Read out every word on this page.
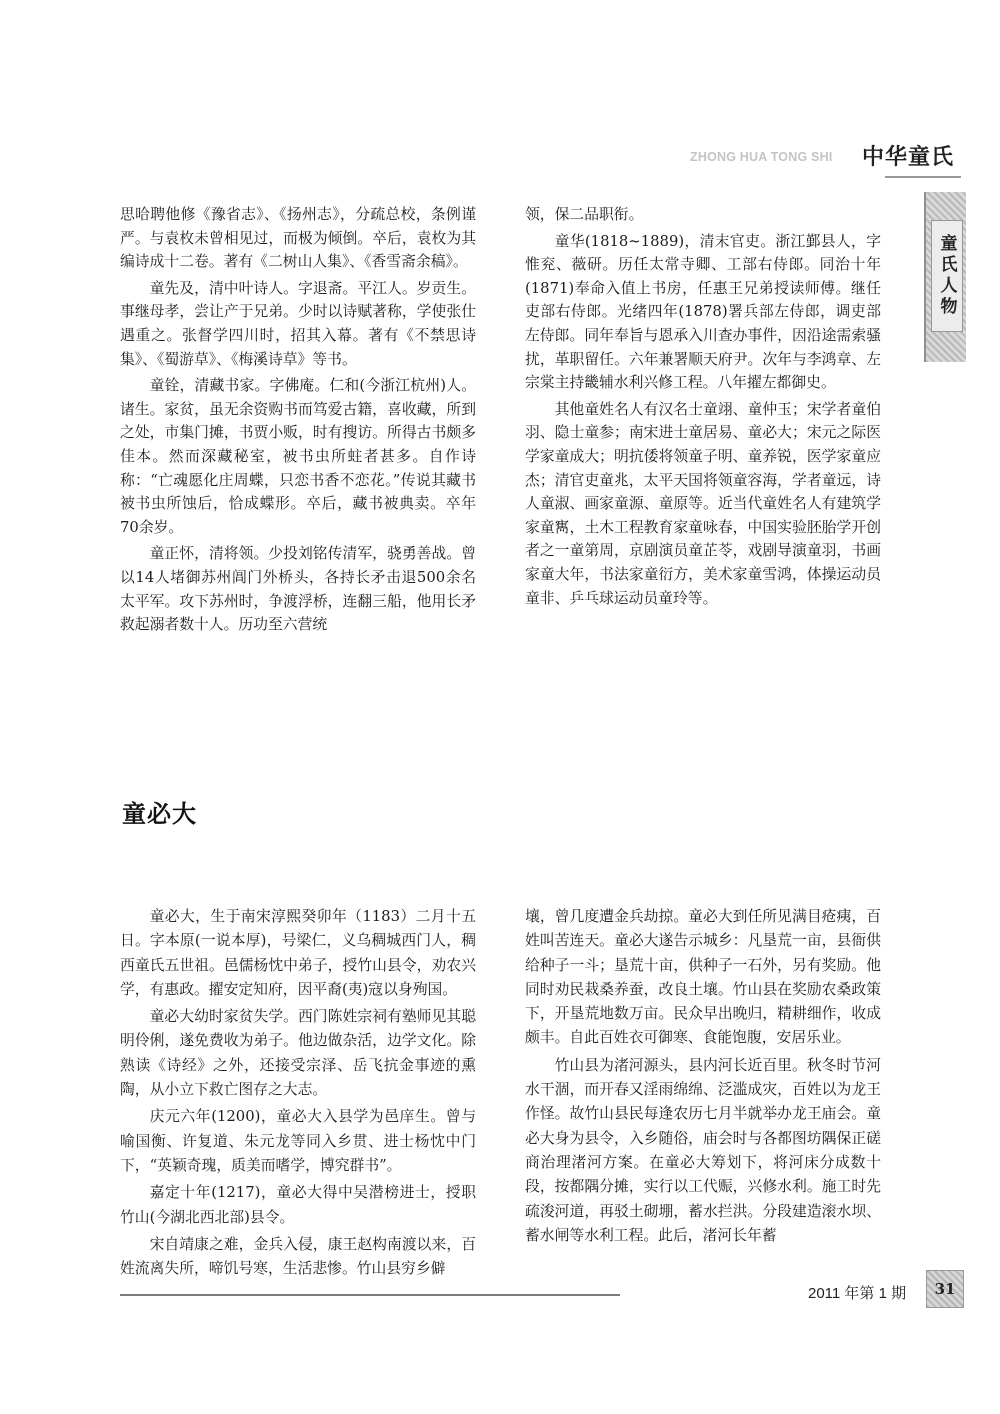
ZHONG HUA TONG SHI	中华童氏
童氏人物

思哈聘他修《豫省志》、《扬州志》，分疏总校，条例谨严。与袁枚未曾相见过，而极为倾倒。卒后，袁枚为其编诗成十二卷。著有《二树山人集》、《香雪斋余稿》。

童先及，清中叶诗人。字退斋。平江人。岁贡生。事继母孝，尝让产于兄弟。少时以诗赋著称，学使张仕遇重之。张督学四川时，招其入幕。著有《不禁思诗集》、《蜀游草》、《梅溪诗草》等书。

童铨，清藏书家。字佛庵。仁和(今浙江杭州)人。诸生。家贫，虽无余资购书而笃爱古籍，喜收藏，所到之处，市集门摊，书贾小贩，时有搜访。所得古书颇多佳本。然而深藏秘室，被书虫所蛀者甚多。自作诗称：“亡魂愿化庄周蝶，只恋书香不恋花。”传说其藏书被书虫所蚀后，恰成蝶形。卒后，藏书被典卖。卒年70余岁。

童正怀，清将领。少投刘铭传清军，骁勇善战。曾以14人堵御苏州阊门外桥头，各持长矛击退500余名太平军。攻下苏州时，争渡浮桥，连翻三船，他用长矛救起溺者数十人。历功至六营统

领，保二品职衔。

童华(1818~1889)，清末官吏。浙江鄞县人，字惟兖、薇研。历任太常寺卿、工部右侍郎。同治十年(1871)奉命入值上书房，任惠王兄弟授读师傅。继任吏部右侍郎。光绪四年(1878)署兵部左侍郎，调吏部左侍郎。同年奉旨与恩承入川查办事件，因沿途需索骚扰，革职留任。六年兼署顺天府尹。次年与李鸿章、左宗棠主持畿辅水利兴修工程。八年擢左都御史。

其他童姓名人有汉名士童翊、童仲玉；宋学者童伯羽、隐士童参；南宋进士童居易、童必大；宋元之际医学家童成大；明抗倭将领童子明、童养锐，医学家童应杰；清官吏童兆，太平天国将领童容海，学者童远，诗人童淑、画家童源、童原等。近当代童姓名人有建筑学家童寯，土木工程教育家童咏春，中国实验胚胎学开创者之一童第周，京剧演员童芷苓，戏剧导演童羽，书画家童大年，书法家童衍方，美术家童雪鸿，体操运动员童非、乒乓球运动员童玲等。

童必大

童必大，生于南宋淳熙癸卯年（1183）二月十五日。字本原(一说本厚)，号梁仁，义乌稠城西门人，稠西童氏五世祖。邑儒杨忱中弟子，授竹山县令，劝农兴学，有惠政。擢安定知府，因平裔(夷)寇以身殉国。

童必大幼时家贫失学。西门陈姓宗祠有塾师见其聪明伶俐，遂免费收为弟子。他边做杂活，边学文化。除熟读《诗经》之外，还接受宗泽、岳飞抗金事迹的熏陶，从小立下救亡图存之大志。

庆元六年(1200)，童必大入县学为邑庠生。曾与喻国衡、许复道、朱元龙等同入乡贯、进士杨忱中门下，“英颖奇瑰，质美而嗜学，博究群书”。

嘉定十年(1217)，童必大得中吴潜榜进士，授职竹山(今湖北西北部)县令。

宋自靖康之难，金兵入侵，康王赵构南渡以来，百姓流离失所，啼饥号寒，生活悲惨。竹山县穷乡僻

壤，曾几度遭金兵劫掠。童必大到任所见满目疮痍，百姓叫苦连天。童必大遂告示城乡：凡垦荒一亩，县衙供给种子一斗；垦荒十亩，供种子一石外，另有奖励。他同时劝民栽桑养蚕，改良土壤。竹山县在奖励农桑政策下，开垦荒地数万亩。民众早出晚归，精耕细作，收成颇丰。自此百姓衣可御寒、食能饱腹，安居乐业。

竹山县为渚河源头，县内河长近百里。秋冬时节河水干涸，而开春又淫雨绵绵、泛滥成灾，百姓以为龙王作怪。故竹山县民每逢农历七月半就举办龙王庙会。童必大身为县令，入乡随俗，庙会时与各都图坊隅保正磋商治理渚河方案。在童必大筹划下，将河床分成数十段，按都隅分摊，实行以工代赈，兴修水利。施工时先疏浚河道，再驳土砌堋，蓄水拦洪。分段建造滚水坝、蓄水闸等水利工程。此后，渚河长年蓄

2011 年第 1 期	31
